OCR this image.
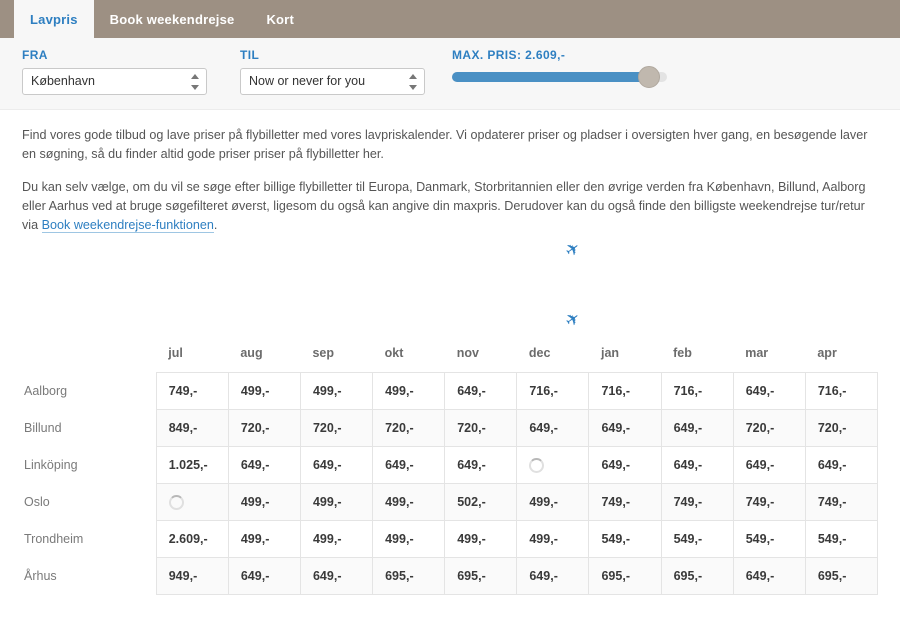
Lavpris	Book weekendrejse	Kort
FRA
København
TIL
Now or never for you
MAX. PRIS: 2.609,-

Find vores gode tilbud og lave priser på flybilletter med vores lavpriskalender. Vi opdaterer priser og pladser i oversigten hver gang, en besøgende laver en søgning, så du finder altid gode priser priser på flybilletter her.

Du kan selv vælge, om du vil se søge efter billige flybilletter til Europa, Danmark, Storbritannien eller den øvrige verden fra København, Billund, Aalborg eller Aarhus ved at bruge søgefilteret øverst, ligesom du også kan angive din maxpris. Derudover kan du også finde den billigste weekendrejse tur/retur via Book weekendrejse-funktionen.

✈
✈
	jul	aug	sep	okt	nov	dec	jan	feb	mar	apr
Aalborg	749,-	499,-	499,-	499,-	649,-	716,-	716,-	716,-	649,-	716,-
Billund	849,-	720,-	720,-	720,-	720,-	649,-	649,-	649,-	720,-	720,-
Linköping	1.025,-	649,-	649,-	649,-	649,-		649,-	649,-	649,-	649,-
Oslo		499,-	499,-	499,-	502,-	499,-	749,-	749,-	749,-	749,-
Trondheim	2.609,-	499,-	499,-	499,-	499,-	499,-	549,-	549,-	549,-	549,-
Århus	949,-	649,-	649,-	695,-	695,-	649,-	695,-	695,-	649,-	695,-
